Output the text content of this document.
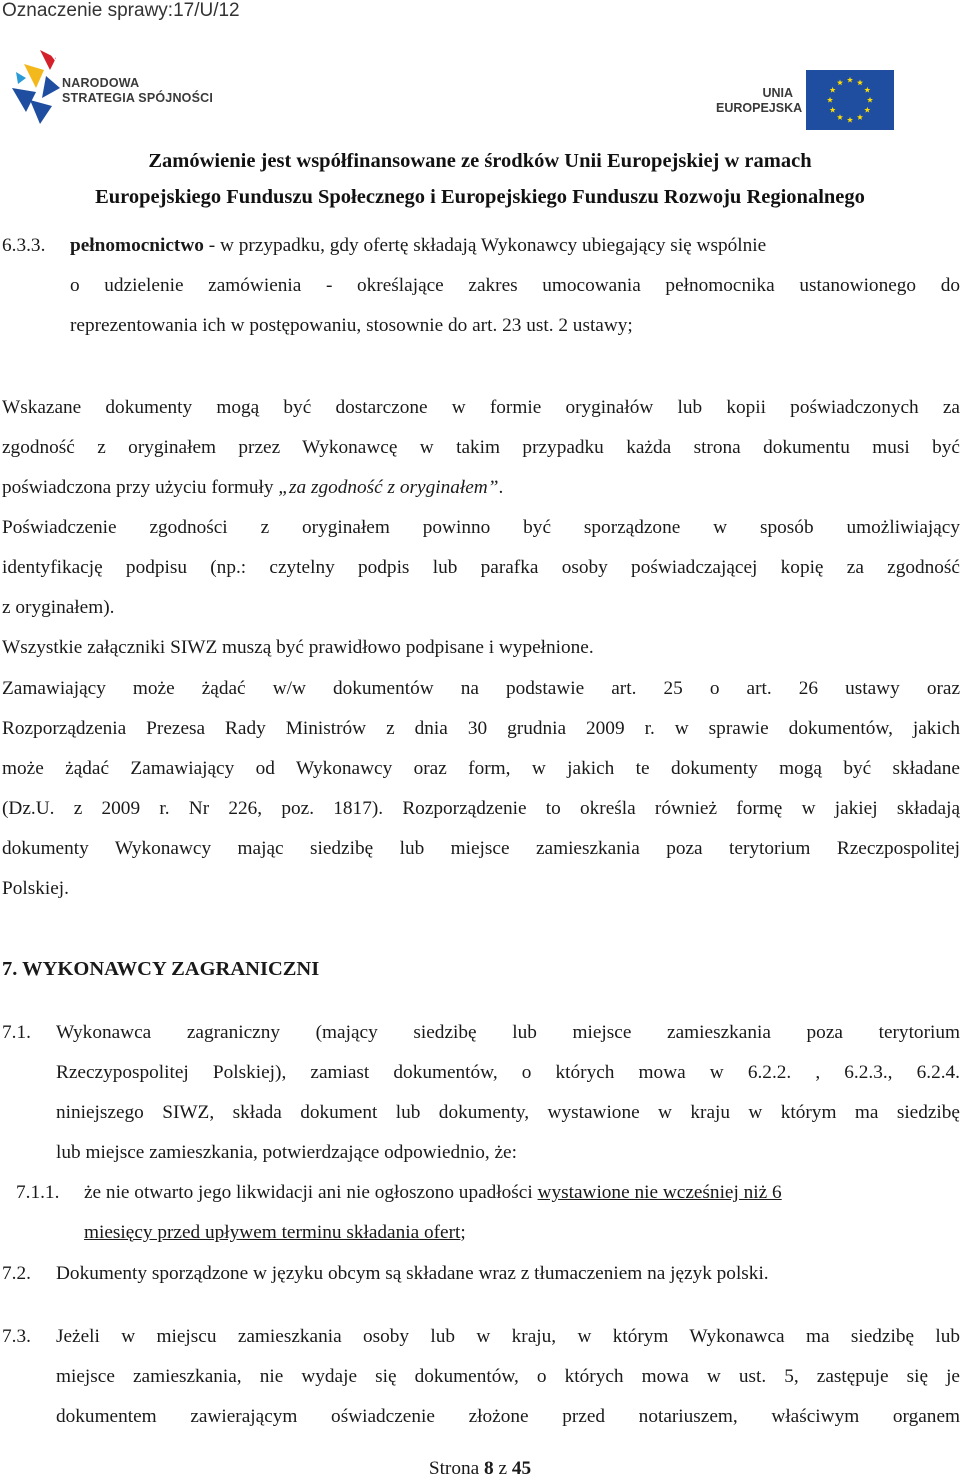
Oznaczenie sprawy:17/U/12
NARODOWA
STRATEGIA SPÓJNOŚCI	UNIA
EUROPEJSKA
Zamówienie jest współfinansowane ze środków Unii Europejskiej w ramach
Europejskiego Funduszu Społecznego i Europejskiego Funduszu Rozwoju Regionalnego
6.3.3. pełnomocnictwo - w przypadku, gdy ofertę składają Wykonawcy ubiegający się wspólnie
o udzielenie zamówienia - określające zakres umocowania pełnomocnika ustanowionego do
reprezentowania ich w postępowaniu, stosownie do art. 23 ust. 2 ustawy;
Wskazane dokumenty mogą być dostarczone w formie oryginałów lub kopii poświadczonych za
zgodność z oryginałem przez Wykonawcę w takim przypadku każda strona dokumentu musi być
poświadczona przy użyciu formuły „za zgodność z oryginałem”.
Poświadczenie zgodności z oryginałem powinno być sporządzone w sposób umożliwiający
identyfikację podpisu (np.: czytelny podpis lub parafka osoby poświadczającej kopię za zgodność
z oryginałem).
Wszystkie załączniki SIWZ muszą być prawidłowo podpisane i wypełnione.
Zamawiający może żądać w/w dokumentów na podstawie art. 25 o art. 26 ustawy oraz
Rozporządzenia Prezesa Rady Ministrów z dnia 30 grudnia 2009 r. w sprawie dokumentów, jakich
może żądać Zamawiający od Wykonawcy oraz form, w jakich te dokumenty mogą być składane
(Dz.U. z 2009 r. Nr 226, poz. 1817). Rozporządzenie to określa również formę w jakiej składają
dokumenty Wykonawcy mając siedzibę lub miejsce zamieszkania poza terytorium Rzeczpospolitej
Polskiej.
7. WYKONAWCY ZAGRANICZNI
7.1. Wykonawca zagraniczny (mający siedzibę lub miejsce zamieszkania poza terytorium
Rzeczypospolitej Polskiej), zamiast dokumentów, o których mowa w 6.2.2. , 6.2.3., 6.2.4.
niniejszego SIWZ, składa dokument lub dokumenty, wystawione w kraju w którym ma siedzibę
lub miejsce zamieszkania, potwierdzające odpowiednio, że:
7.1.1. że nie otwarto jego likwidacji ani nie ogłoszono upadłości wystawione nie wcześniej niż 6
miesięcy przed upływem terminu składania ofert;
7.2. Dokumenty sporządzone w języku obcym są składane wraz z tłumaczeniem na język polski.
7.3. Jeżeli w miejscu zamieszkania osoby lub w kraju, w którym Wykonawca ma siedzibę lub
miejsce zamieszkania, nie wydaje się dokumentów, o których mowa w ust. 5, zastępuje się je
dokumentem zawierającym oświadczenie złożone przed notariuszem, właściwym organem
Strona 8 z 45
